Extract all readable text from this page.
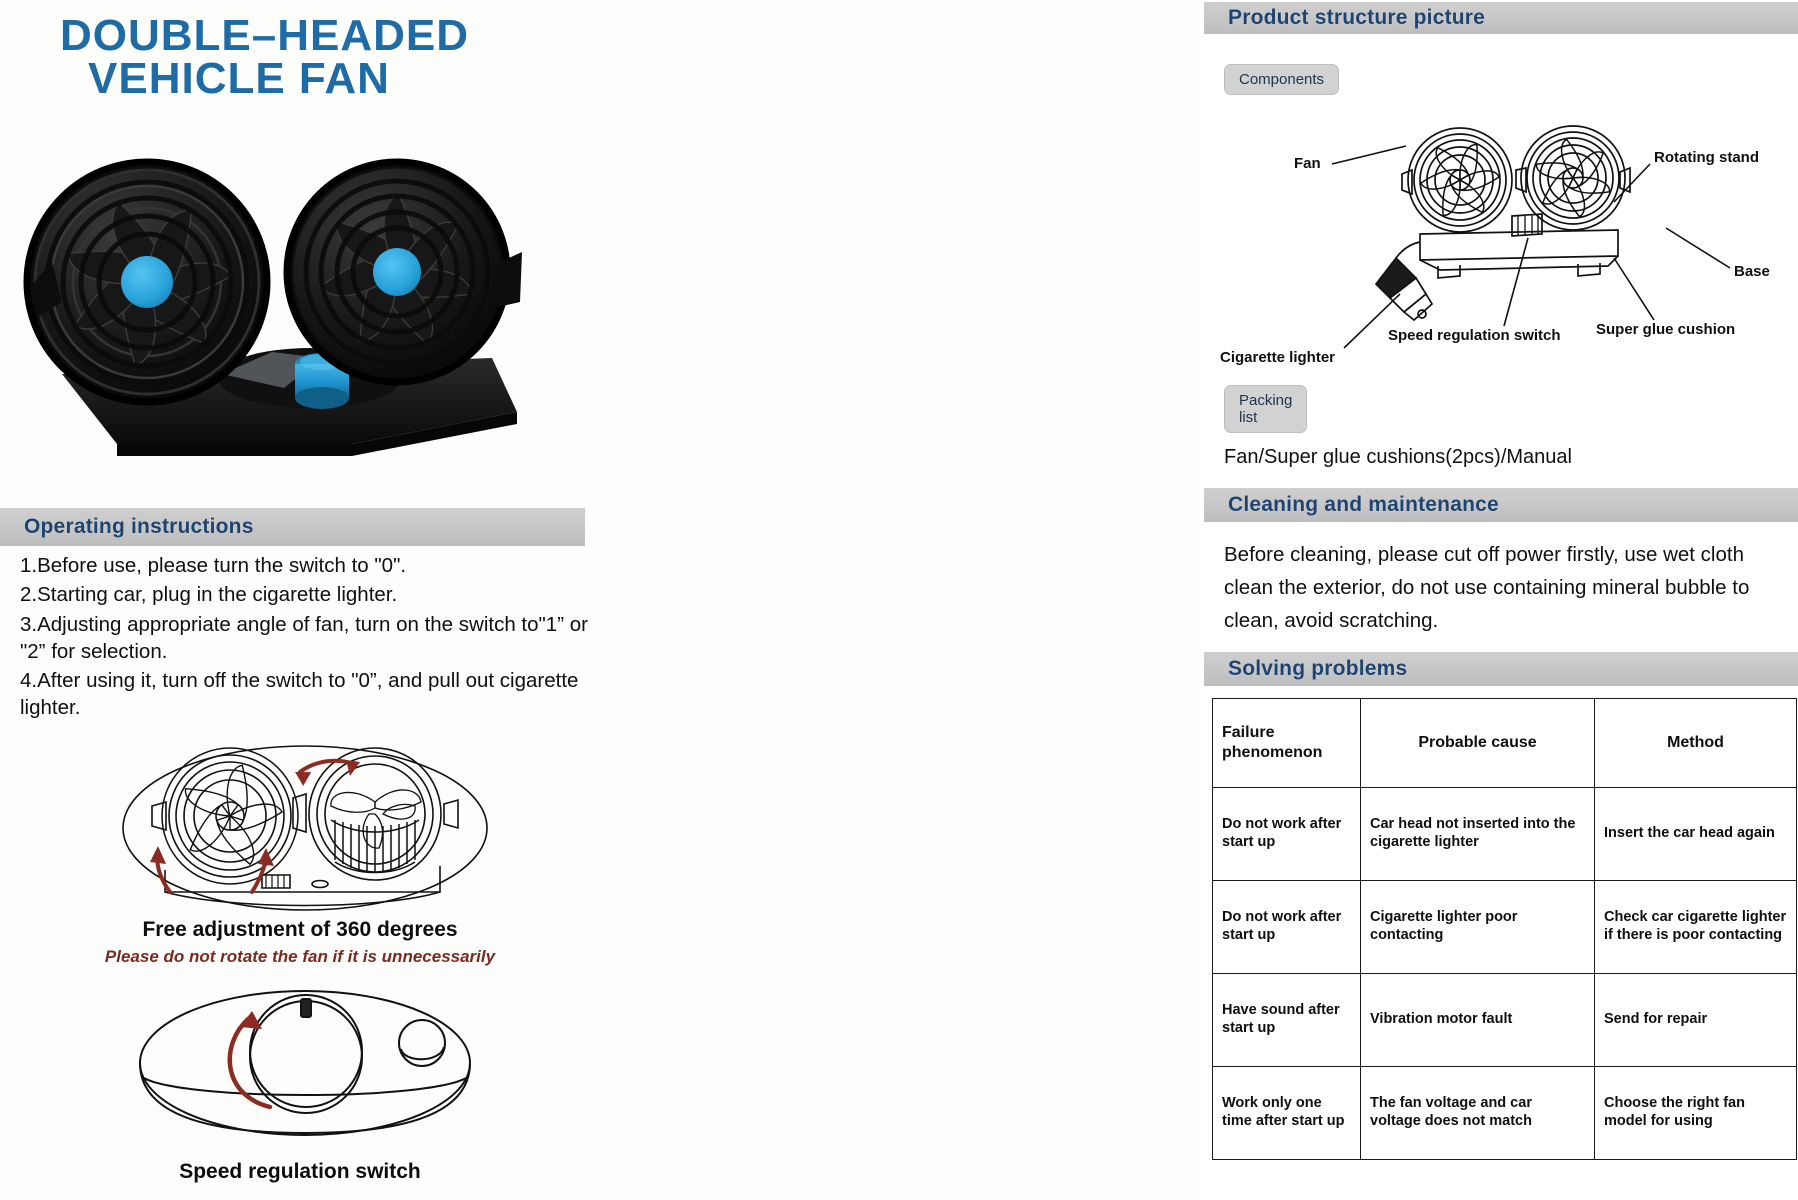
DOUBLE–HEADED
VEHICLE FAN
Operating instructions
1.Before use, please turn the switch to "0".
2.Starting car, plug in the cigarette lighter.
3.Adjusting appropriate angle of fan, turn on the switch to"1” or "2” for selection.
4.After using it, turn off the switch to "0”, and pull out cigarette lighter.
Free adjustment of 360 degrees
Please do not rotate the fan if it is unnecessarily
Speed regulation switch
Product structure picture
Components
Fan	Rotating stand
Base
Super glue cushion
Speed regulation switch
Cigarette lighter
Packing list
Fan/Super glue cushions(2pcs)/Manual
Cleaning and maintenance
Before cleaning, please cut off power firstly, use wet cloth clean the exterior, do not use containing mineral bubble to clean, avoid scratching.
Solving problems
Failure phenomenon	Probable cause	Method
Do not work after start up	Car head not inserted into the cigarette lighter	Insert the car head again
Do not work after start up	Cigarette lighter poor contacting	Check car cigarette lighter if there is poor contacting
Have sound after start up	Vibration motor fault	Send for repair
Work only one time after start up	The fan voltage and car voltage does not match	Choose the right fan model for using
